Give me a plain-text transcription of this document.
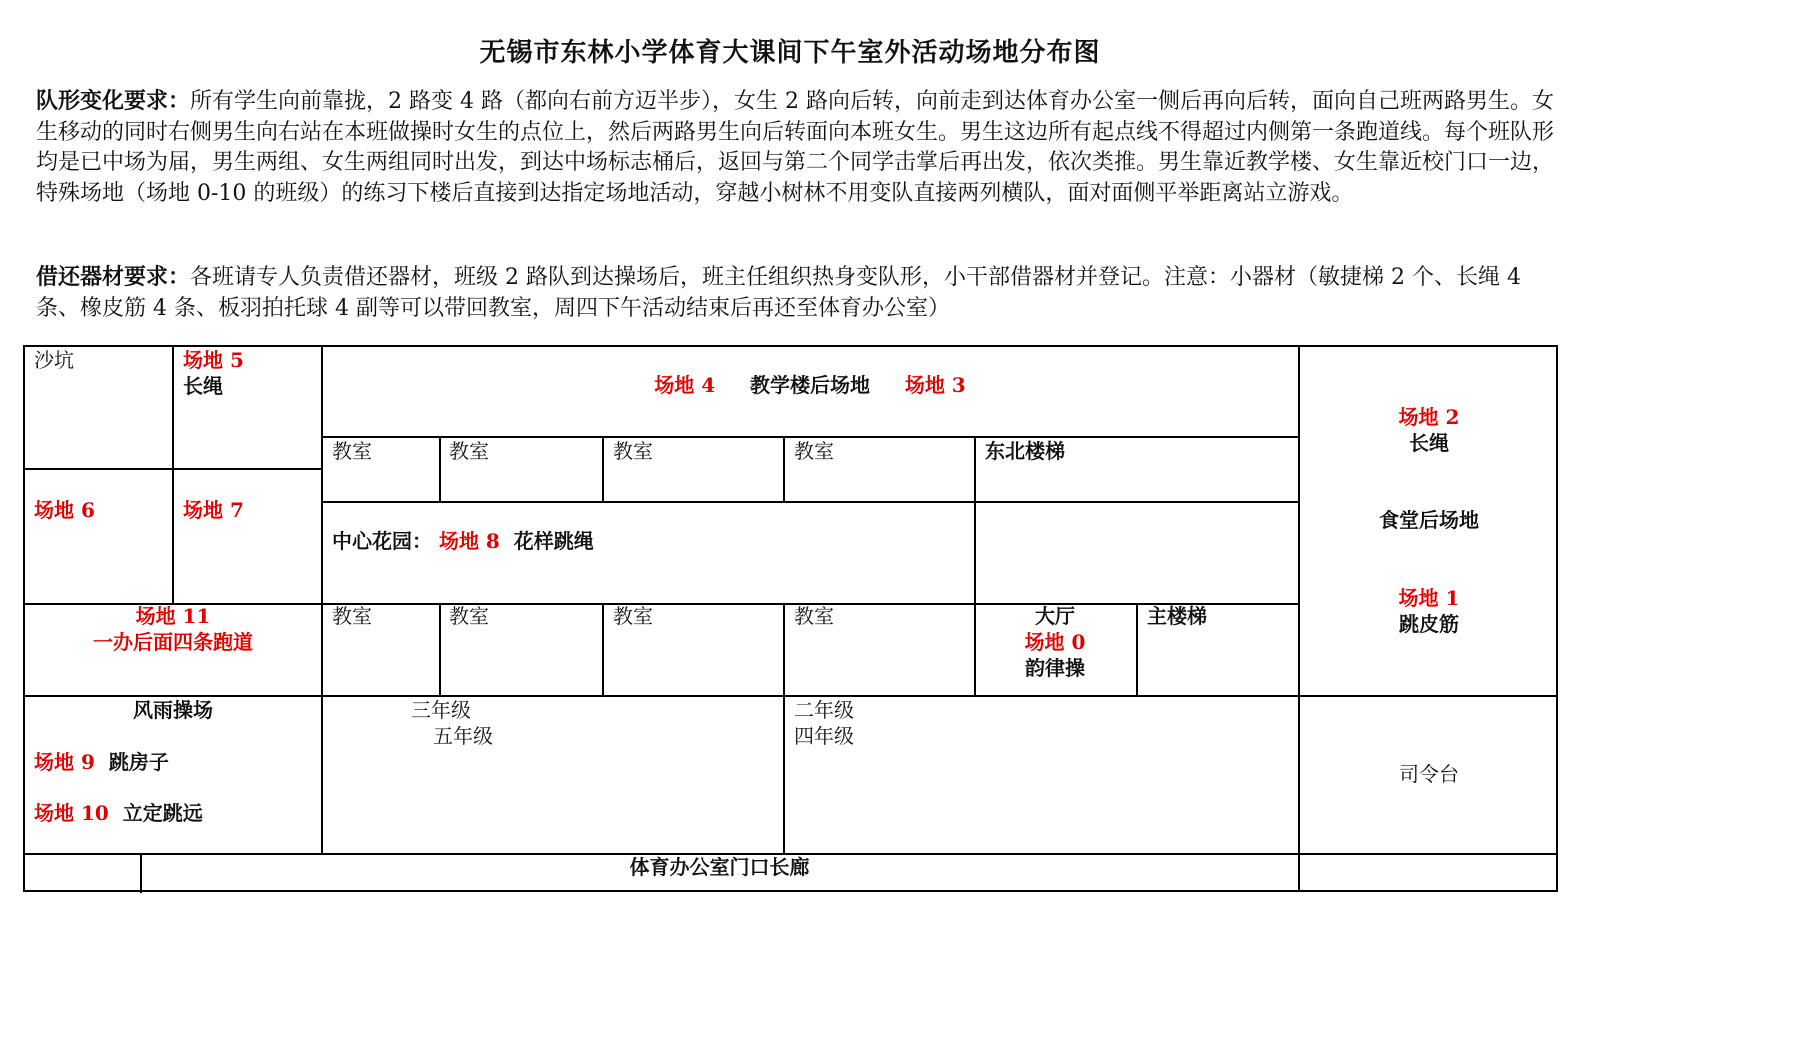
无锡市东林小学体育大课间下午室外活动场地分布图
队形变化要求：所有学生向前靠拢，2 路变 4 路（都向右前方迈半步），女生 2 路向后转，向前走到达体育办公室一侧后再向后转，面向自己班两路男生。女生移动的同时右侧男生向右站在本班做操时女生的点位上，然后两路男生向后转面向本班女生。男生这边所有起点线不得超过内侧第一条跑道线。每个班队形均是已中场为届，男生两组、女生两组同时出发，到达中场标志桶后，返回与第二个同学击掌后再出发，依次类推。男生靠近教学楼、女生靠近校门口一边，特殊场地（场地 0-10 的班级）的练习下楼后直接到达指定场地活动，穿越小树林不用变队直接两列横队，面对面侧平举距离站立游戏。
借还器材要求：各班请专人负责借还器材，班级 2 路队到达操场后，班主任组织热身变队形，小干部借器材并登记。注意：小器材（敏捷梯 2 个、长绳 4 条、橡皮筋 4 条、板羽拍托球 4 副等可以带回教室，周四下午活动结束后再还至体育办公室）
沙坑	场地 5
长绳	场地 4 教学楼后场地 场地 3
教室	教室	教室	教室	东北楼梯
场地 2
长绳
食堂后场地
场地 1
跳皮筋
场地 6	场地 7
中心花园： 场地 8 花样跳绳
场地 11
一办后面四条跑道
教室	教室	教室	教室	大厅
场地 0
韵律操
主楼梯
风雨操场
场地 9 跳房子
场地 10 立定跳远
三年级
五年级
二年级
四年级
司令台
体育办公室门口长廊
